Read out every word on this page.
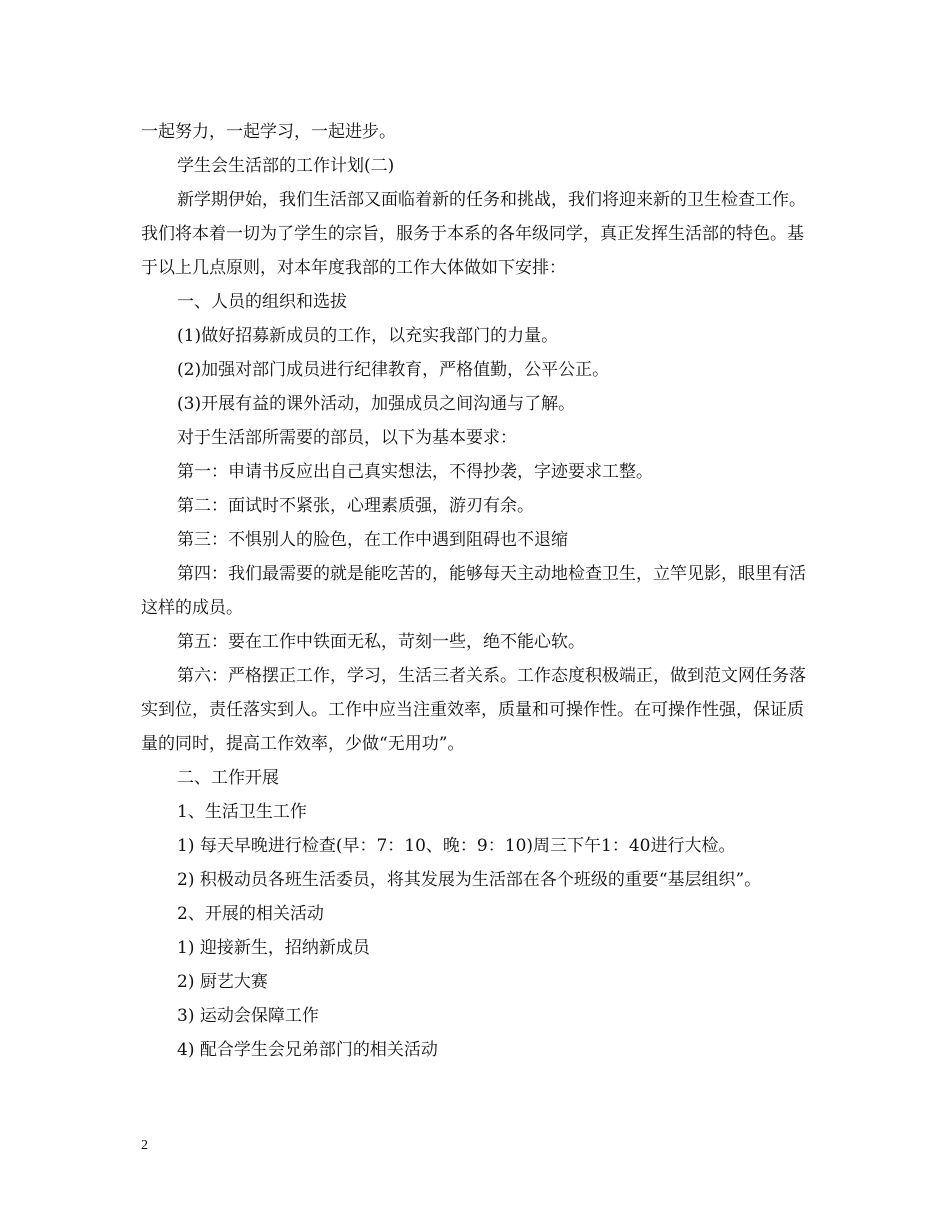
一起努力，一起学习，一起进步。

学生会生活部的工作计划(二)

新学期伊始，我们生活部又面临着新的任务和挑战，我们将迎来新的卫生检查工作。我们将本着一切为了学生的宗旨，服务于本系的各年级同学，真正发挥生活部的特色。基于以上几点原则，对本年度我部的工作大体做如下安排：

一、人员的组织和选拔

(1)做好招募新成员的工作，以充实我部门的力量。

(2)加强对部门成员进行纪律教育，严格值勤，公平公正。

(3)开展有益的课外活动，加强成员之间沟通与了解。

对于生活部所需要的部员，以下为基本要求：

第一：申请书反应出自己真实想法，不得抄袭，字迹要求工整。

第二：面试时不紧张，心理素质强，游刃有余。

第三：不惧别人的脸色，在工作中遇到阻碍也不退缩

第四：我们最需要的就是能吃苦的，能够每天主动地检查卫生，立竿见影，眼里有活这样的成员。

第五：要在工作中铁面无私，苛刻一些，绝不能心软。

第六：严格摆正工作，学习，生活三者关系。工作态度积极端正，做到范文网任务落实到位，责任落实到人。工作中应当注重效率，质量和可操作性。在可操作性强，保证质量的同时，提高工作效率，少做“无用功”。

二、工作开展

1、生活卫生工作

1) 每天早晚进行检查(早：7：10、晚：9：10)周三下午1：40进行大检。

2) 积极动员各班生活委员，将其发展为生活部在各个班级的重要“基层组织”。

2、开展的相关活动

1) 迎接新生，招纳新成员

2) 厨艺大赛

3) 运动会保障工作

4) 配合学生会兄弟部门的相关活动

2
